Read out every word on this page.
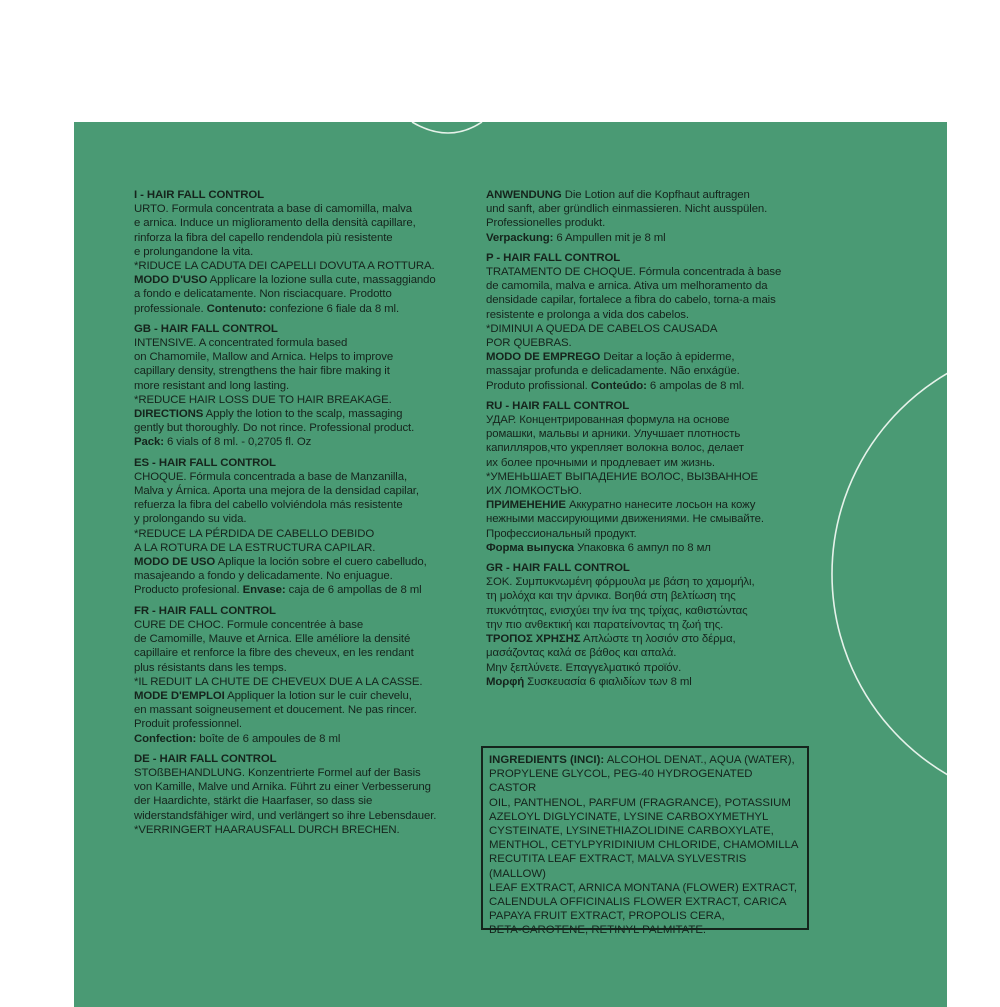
I - HAIR FALL CONTROL
URTO. Formula concentrata a base di camomilla, malva
e arnica. Induce un miglioramento della densità capillare,
rinforza la fibra del capello rendendola più resistente
e prolungandone la vita.
*RIDUCE LA CADUTA DEI CAPELLI DOVUTA A ROTTURA.
MODO D'USO Applicare la lozione sulla cute, massaggiando
a fondo e delicatamente. Non risciacquare. Prodotto
professionale. Contenuto: confezione 6 fiale da 8 ml.
GB - HAIR FALL CONTROL
INTENSIVE. A concentrated formula based
on Chamomile, Mallow and Arnica. Helps to improve
capillary density, strengthens the hair fibre making it
more resistant and long lasting.
*REDUCE HAIR LOSS DUE TO HAIR BREAKAGE.
DIRECTIONS Apply the lotion to the scalp, massaging
gently but thoroughly. Do not rince. Professional product.
Pack: 6 vials of 8 ml. - 0,2705 fl. Oz
ES - HAIR FALL CONTROL
CHOQUE. Fórmula concentrada a base de Manzanilla,
Malva y Árnica. Aporta una mejora de la densidad capilar,
refuerza la fibra del cabello volviéndola más resistente
y prolongando su vida.
*REDUCE LA PÉRDIDA DE CABELLO DEBIDO
A LA ROTURA DE LA ESTRUCTURA CAPILAR.
MODO DE USO Aplique la loción sobre el cuero cabelludo,
masajeando a fondo y delicadamente. No enjuague.
Producto profesional. Envase: caja de 6 ampollas de 8 ml
FR - HAIR FALL CONTROL
CURE DE CHOC. Formule concentrée à base
de Camomille, Mauve et Arnica. Elle améliore la densité
capillaire et renforce la fibre des cheveux, en les rendant
plus résistants dans les temps.
*IL REDUIT LA CHUTE DE CHEVEUX DUE A LA CASSE.
MODE D'EMPLOI Appliquer la lotion sur le cuir chevelu,
en massant soigneusement et doucement. Ne pas rincer.
Produit professionnel.
Confection: boîte de 6 ampoules de 8 ml
DE - HAIR FALL CONTROL
STOßBEHANDLUNG. Konzentrierte Formel auf der Basis
von Kamille, Malve und Arnika. Führt zu einer Verbesserung
der Haardichte, stärkt die Haarfaser, so dass sie
widerstandsfähiger wird, und verlängert so ihre Lebensdauer.
*VERRINGERT HAARAUSFALL DURCH BRECHEN.
ANWENDUNG Die Lotion auf die Kopfhaut auftragen
und sanft, aber gründlich einmassieren. Nicht ausspülen.
Professionelles produkt.
Verpackung: 6 Ampullen mit je 8 ml
P - HAIR FALL CONTROL
TRATAMENTO DE CHOQUE. Fórmula concentrada à base
de camomila, malva e arnica. Ativa um melhoramento da
densidade capilar, fortalece a fibra do cabelo, torna-a mais
resistente e prolonga a vida dos cabelos.
*DIMINUI A QUEDA DE CABELOS CAUSADA
POR QUEBRAS.
MODO DE EMPREGO Deitar a loção à epiderme,
massajar profunda e delicadamente. Não enxágüe.
Produto profissional. Conteúdo: 6 ampolas de 8 ml.
RU - HAIR FALL CONTROL
УДАР. Концентрированная формула на основе
ромашки, мальвы и арники. Улучшает плотность
капилляров,что укрепляет волокна волос, делает
их более прочными и продлевает им жизнь.
*УМЕНЬШАЕТ ВЫПАДЕНИЕ ВОЛОС, ВЫЗВАННОЕ
ИХ ЛОМКОСТЬЮ.
ПРИМЕНЕНИЕ Аккуратно нанесите лосьон на кожу
нежными массирующими движениями. Не смывайте.
Профессиональный продукт.
Форма выпуска Упаковка 6 ампул по 8 мл
GR - HAIR FALL CONTROL
ΣΟΚ. Συμπυκνωμένη φόρμουλα με βάση το χαμομήλι,
τη μολόχα και την άρνικα. Βοηθά στη βελτίωση της
πυκνότητας, ενισχύει την ίνα της τρίχας, καθιστώντας
την πιο ανθεκτική και παρατείνοντας τη ζωή της.
ΤΡΟΠΟΣ ΧΡΗΣΗΣ Απλώστε τη λοσιόν στο δέρμα,
μασάζοντας καλά σε βάθος και απαλά.
Μην ξεπλύνετε. Επαγγελματικό προϊόν.
Μορφή Συσκευασία 6 φιαλιδίων των 8 ml
INGREDIENTS (INCI): ALCOHOL DENAT., AQUA (WATER),
PROPYLENE GLYCOL, PEG-40 HYDROGENATED CASTOR
OIL, PANTHENOL, PARFUM (FRAGRANCE), POTASSIUM
AZELOYL DIGLYCINATE, LYSINE CARBOXYMETHYL
CYSTEINATE, LYSINETHIAZOLIDINE CARBOXYLATE,
MENTHOL, CETYLPYRIDINIUM CHLORIDE, CHAMOMILLA
RECUTITA LEAF EXTRACT, MALVA SYLVESTRIS (MALLOW)
LEAF EXTRACT, ARNICA MONTANA (FLOWER) EXTRACT,
CALENDULA OFFICINALIS FLOWER EXTRACT, CARICA
PAPAYA FRUIT EXTRACT, PROPOLIS CERA,
BETA-CAROTENE, RETINYL PALMITATE.
